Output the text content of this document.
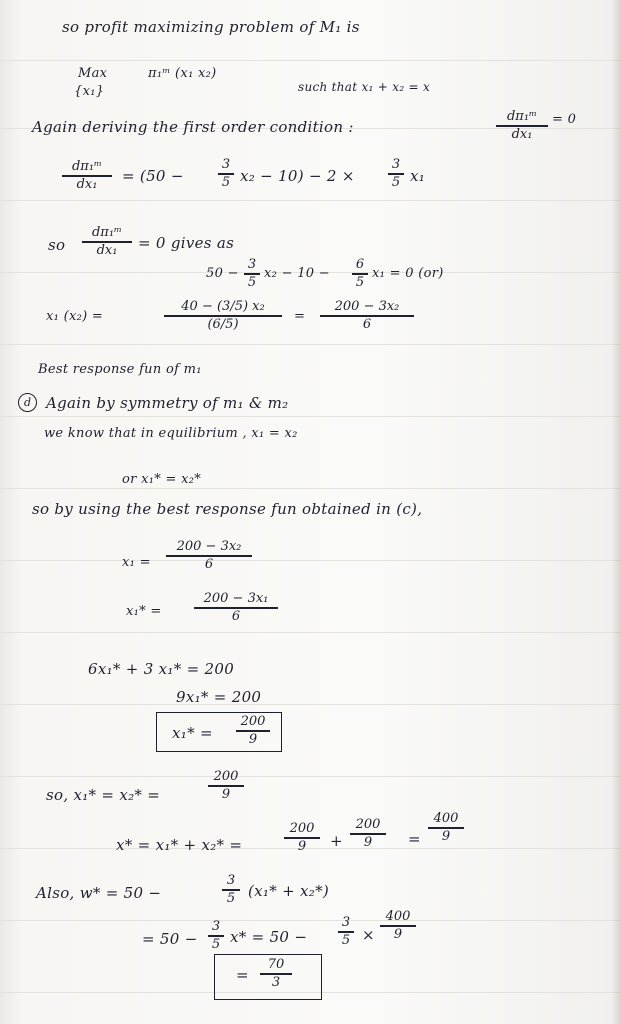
so profit maximizing problem of M₁ is
Max	π₁ᵐ (x₁ x₂)
such that x₁ + x₂ = x
{x₁}
Again deriving the first order condition :
dπ₁ᵐ
dx₁
= 0
dπ₁ᵐ
dx₁	= (50 −
3
5 x₂ − 10) − 2 ×
3
5 x₁
so
dπ₁ᵐ
dx₁	= 0 gives as
50 −
3
5
x₂ − 10 −
6
5
x₁ = 0 (or)
x₁ (x₂) =
40 − (3/5) x₂
(6/5)	=
200 − 3x₂
6
Best response fun of m₁
d Again by symmetry of m₁ & m₂
we know that in equilibrium , x₁ = x₂
or x₁* = x₂*
so by using the best response fun obtained in (c),
x₁ =
200 − 3x₂
6
x₁* =
200 − 3x₁
6
6x₁* + 3 x₁* = 200
9x₁* = 200
x₁* =
200
9
so, x₁* = x₂* =
200
9
x* = x₁* + x₂* =
200
9	+
200
9	=
400
9
Also, w* = 50 −
3
5 (x₁* + x₂*)
= 50 −
3
5 x* = 50 −
3
5 ×
400
9
=
70
3
